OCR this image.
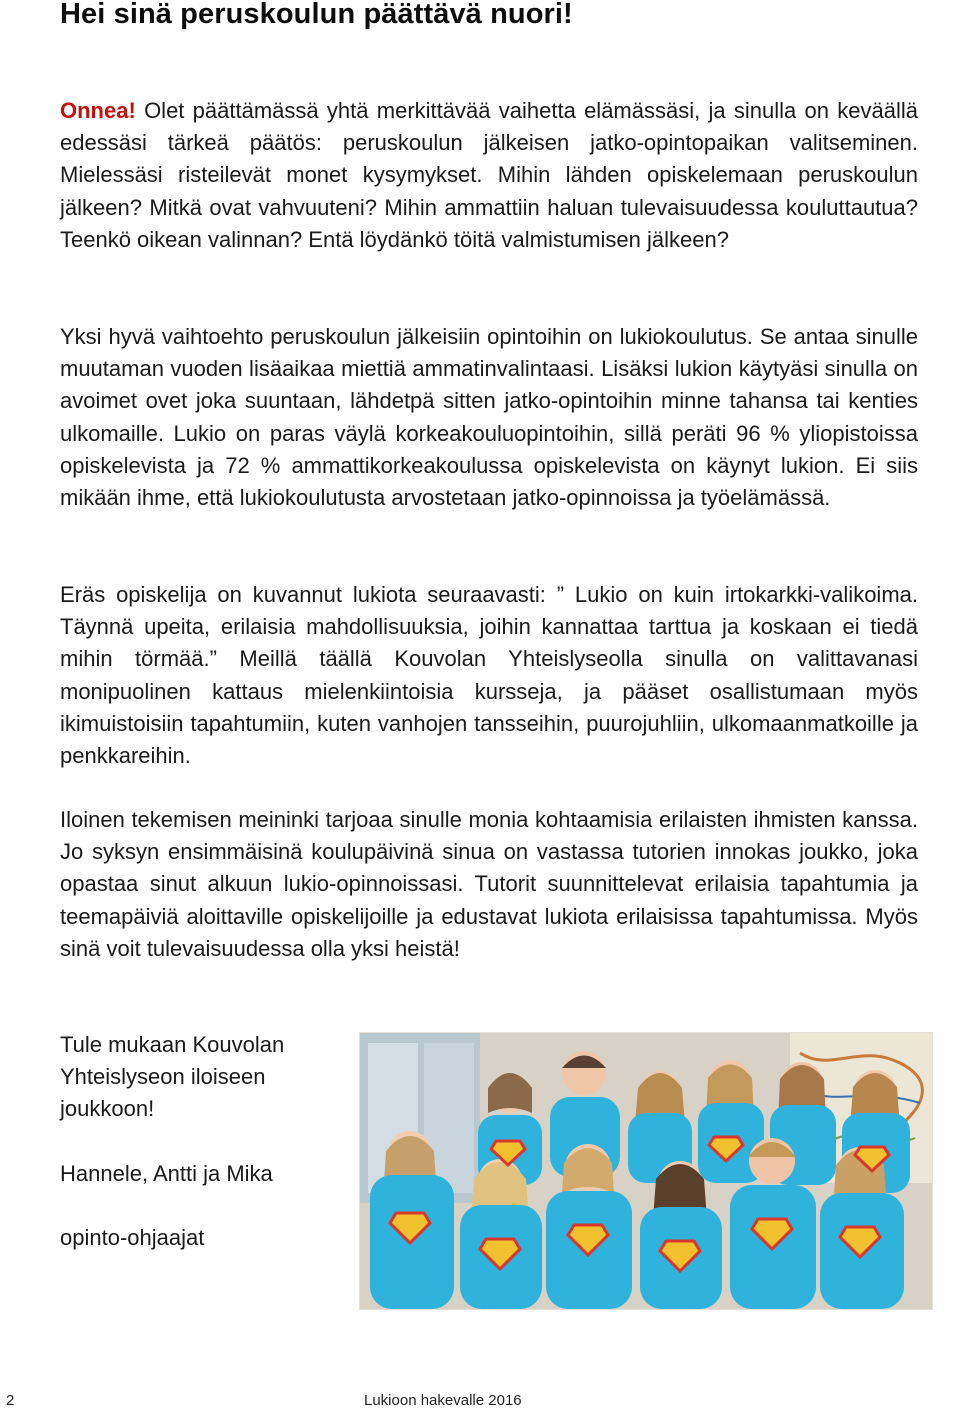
Hei sinä peruskoulun päättävä nuori!

Onnea! Olet päättämässä yhtä merkittävää vaihetta elämässäsi, ja sinulla on keväällä edessäsi tärkeä päätös: peruskoulun jälkeisen jatko-opintopaikan valitseminen. Mielessäsi risteilevät monet kysymykset. Mihin lähden opiskelemaan peruskoulun jälkeen? Mitkä ovat vahvuuteni? Mihin ammattiin haluan tulevaisuudessa kouluttautua? Teenkö oikean valinnan? Entä löydänkö töitä valmistumisen jälkeen?

Yksi hyvä vaihtoehto peruskoulun jälkeisiin opintoihin on lukiokoulutus. Se antaa sinulle muutaman vuoden lisäaikaa miettiä ammatinvalintaasi. Lisäksi lukion käytyäsi sinulla on avoimet ovet joka suuntaan, lähdetpä sitten jatko-opintoihin minne tahansa tai kenties ulkomaille. Lukio on paras väylä korkeakouluopintoihin, sillä peräti 96 % yliopistoissa opiskelevista ja 72 % ammattikorkeakoulussa opiskelevista on käynyt lukion. Ei siis mikään ihme, että lukiokoulutusta arvostetaan jatko-opinnoissa ja työelämässä.

Eräs opiskelija on kuvannut lukiota seuraavasti: ” Lukio on kuin irtokarkki-valikoima. Täynnä upeita, erilaisia mahdollisuuksia, joihin kannattaa tarttua ja koskaan ei tiedä mihin törmää.” Meillä täällä Kouvolan Yhteislyseolla sinulla on valittavanasi monipuolinen kattaus mielenkiintoisia kursseja, ja pääset osallistumaan myös ikimuistoisiin tapahtumiin, kuten vanhojen tansseihin, puurojuhliin, ulkomaanmatkoille ja penkkareihin.

Iloinen tekemisen meininki tarjoaa sinulle monia kohtaamisia erilaisten ihmisten kanssa. Jo syksyn ensimmäisinä koulupäivinä sinua on vastassa tutorien innokas joukko, joka opastaa sinut alkuun lukio-opinnoissasi. Tutorit suunnittelevat erilaisia tapahtumia ja teemapäiviä aloittaville opiskelijoille ja edustavat lukiota erilaisissa tapahtumissa. Myös sinä voit tulevaisuudessa olla yksi heistä!

Tule mukaan Kouvolan Yhteislyseon iloiseen joukkoon!

Hannele, Antti ja Mika

opinto-ohjaajat

2	Lukioon hakevalle 2016
